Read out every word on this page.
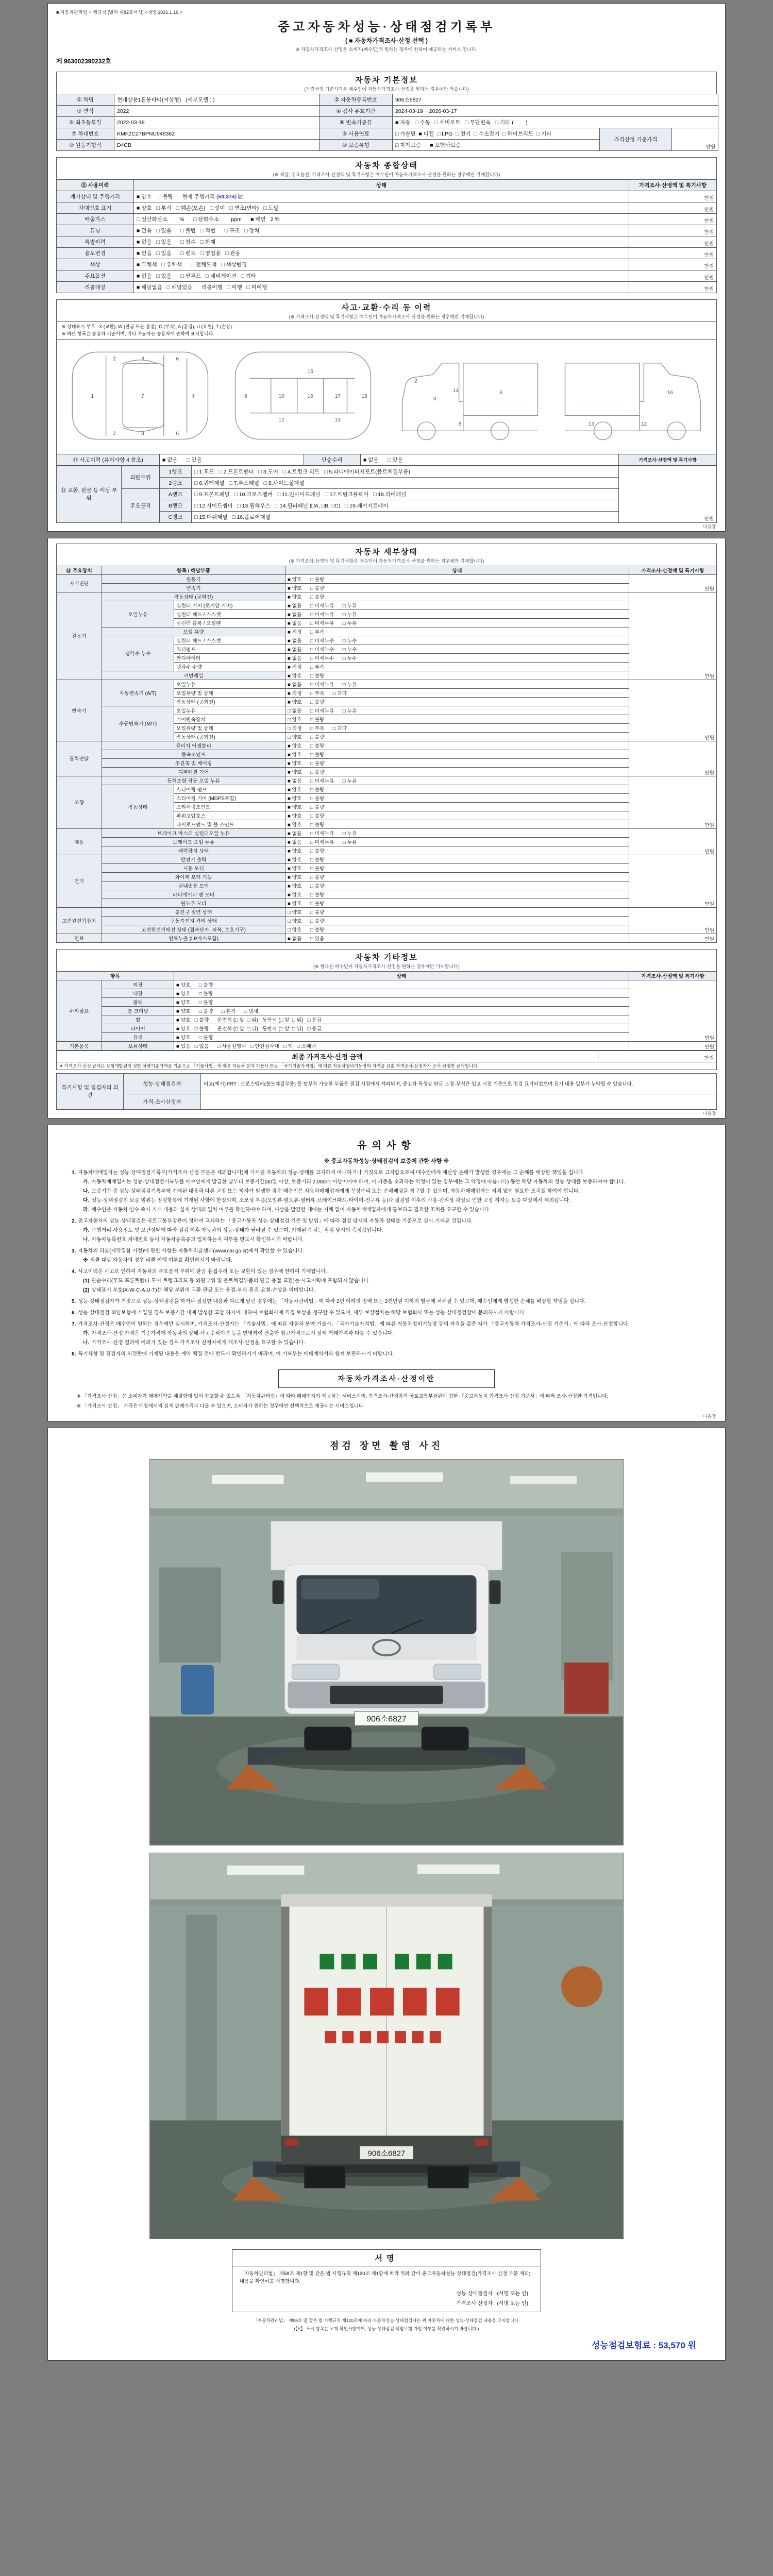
■ 자동차관리법 시행규칙 [별지 제82호서식] <개정 2021.1.19.>
중고자동차성능·상태점검기록부
( ■ 자동차가격조사·산정 선택 )
※ 자동차가격조사·산정은 소비자(매수인)가 원하는 경우에 한하여 제공하는 서비스 입니다.
제 963002390232호
자동차 기본정보
(가격산정 기준가격은 매수인이 자동차가격조사·산정을 원하는 경우에만 적습니다)
① 차명	현대상용1톤봉바디(저상형)   (세부모델 : )	② 자동차등록번호	906소6827		
③ 연식	2022	④ 검사 유효기간	2024-03-19 ~ 2026-03-17		
⑤ 최초등록일	2022-03-18	⑥ 변속기종류	■ 자동   □ 수동   □ 세미오토   □ 무단변속   □ 기타 (        )		
⑦ 차대번호	KMFZC27BPNU948362	⑧ 사용연료	□ 가솔린  ■ 디젤  □ LPG  □ 전기  □ 수소전기  □ 하이브리드  □ 기타	가격산정 기준가격	만원
⑨ 원동기형식	D4CB	⑩ 보증유형	□ 자가보증      ■ 보험사보증		
자동차 종합상태
(※ 색상, 주요옵션, 가격조사·산정액 및 특기사항은 매수인이 자동차가격조사·산정을 원하는 경우에만 기재합니다)
⑪ 사용이력	상태	가격조사·산정액 및 특기사항
계기상태 및 주행거리	■ 양호    □ 불량 현재 주행거리 (50,374) ㎞	만원
차대번호 표기	■ 양호   □ 부식   □ 훼손(오손)   □ 상이   □ 변조(변타)   □ 도말	만원
배출가스	□ 일산화탄소        %      □ 탄화수소        ppm      ■ 매연   2 %	만원
튜닝	■ 없음   □ 있음      □ 불법   □ 적법      □ 구조   □ 장치	만원
특별이력	■ 없음   □ 있음      □ 침수   □ 화재	만원
용도변경	■ 없음   □ 있음      □ 렌트   □ 영업용   □ 관용	만원
색상	■ 무채색   □ 유채색      □ 전체도색   □ 색상변경	만원
주요옵션	■ 없음   □ 있음      □ 썬루프   □ 네비게이션   □ 기타	만원
리콜대상	■ 해당없음   □ 해당있음      리콜이행   □ 이행   □ 미이행	만원
사고·교환·수리 등 이력
(※ 가격조사·산정액 및 특기사항은 매수인이 자동차가격조사·산정을 원하는 경우에만 기재합니다)
※ 상태표시 부호 : X (교환), W (판금 또는 용접), C (부식), A (흠집), U (요철), T (손상)
※ 하단 항목은 승용차 기준이며, 기타 자동차는 승용차에 준하여 표시합니다.
1	7	4
2	3	6
2	6
8
9	10
15
16	17	18
12	13
2
3
8
6
14
13	12
16
⑫ 사고이력 (유의사항 4 참조)	■ 없음      □ 있음	단순수리	■ 없음      □ 있음	가격조사·산정액 및 특기사항
⑬ 교환, 판금 등 이상 부위	외판부위	1랭크	□ 1.후드   □ 2.프론트펜더   □ 3.도어   □ 4.트렁크 리드   □ 5.라디에이터서포트(볼트체결부품)	만원
		2랭크	□ 6.쿼터패널   □ 7.루프패널   □ 8.사이드실패널	
	주요골격	A랭크	□ 9.프론트패널   □ 10.크로스멤버   □ 11.인사이드패널   □ 17.트렁크플로어   □ 18.리어패널	
		B랭크	□ 12.사이드멤버   □ 13.휠하우스   □ 14.필러패널 (□A, □B, □C)   □ 19.패키지트레이	
		C랭크	□ 15.대쉬패널   □ 16.플로어패널	
다음장
자동차 세부상태
(※ 가격조사·산정액 및 특기사항은 매수인이 자동차가격조사·산정을 원하는 경우에만 기재합니다)
⑭ 주요장치	항목 / 해당부품		상태	가격조사·산정액 및 특기사항
자기진단	원동기		■ 양호      □ 불량	만원
	변속기		■ 양호      □ 불량	
원동기	작동상태 (공회전)		■ 양호      □ 불량	만원
	오일누유	실린더 커버 (로커암 커버)	■ 없음      □ 미세누유      □ 누유	
		실린더 헤드 / 가스켓	■ 없음      □ 미세누유      □ 누유	
		실린더 블록 / 오일팬	■ 없음      □ 미세누유      □ 누유	
	오일 유량		■ 적정      □ 부족	
	냉각수 누수	실린더 헤드 / 가스켓	■ 없음      □ 미세누수      □ 누수	
		워터펌프	■ 없음      □ 미세누수      □ 누수	
		라디에이터	■ 없음      □ 미세누수      □ 누수	
		냉각수 수량	■ 적정      □ 부족	
	커먼레일		■ 양호      □ 불량	
변속기	자동변속기 (A/T)	오일누유	■ 없음      □ 미세누유      □ 누유	만원
		오일유량 및 상태	■ 적정      □ 부족      □ 과다	
		작동상태 (공회전)	■ 양호      □ 불량	
	수동변속기 (M/T)	오일누유	□ 없음      □ 미세누유      □ 누유	
		기어변속장치	□ 양호      □ 불량	
		오일유량 및 상태	□ 적정      □ 부족      □ 과다	
		작동상태 (공회전)	□ 양호      □ 불량	
동력전달	클러치 어셈블리		■ 양호      □ 불량	만원
	등속조인트		■ 양호      □ 불량	
	추진축 및 베어링		■ 양호      □ 불량	
	디퍼렌셜 기어		■ 양호      □ 불량	
조향	동력조향 작동 오일 누유		■ 없음      □ 미세누유      □ 누유	만원
	작동상태	스티어링 펌프	■ 양호      □ 불량	
		스티어링 기어 (MDPS포함)	■ 양호      □ 불량	
		스티어링조인트	■ 양호      □ 불량	
		파워고압호스	■ 양호      □ 불량	
		타이로드엔드 및 볼 조인트	■ 양호      □ 불량	
제동	브레이크 마스터 실린더오일 누유		■ 없음      □ 미세누유      □ 누유	만원
	브레이크 오일 누유		■ 없음      □ 미세누유      □ 누유	
	배력장치 상태		■ 양호      □ 불량	
전기	발전기 출력		■ 양호      □ 불량	만원
	시동 모터		■ 양호      □ 불량	
	와이퍼 모터 기능		■ 양호      □ 불량	
	실내송풍 모터		■ 양호      □ 불량	
	라디에이터 팬 모터		■ 양호      □ 불량	
	윈도우 모터		■ 양호      □ 불량	
고전원전기장치	충전구 절연 상태		□ 양호      □ 불량	만원
	구동축전지 격리 상태		□ 양호      □ 불량	
	고전원전기배선 상태 (접속단자, 피복, 보호기구)		□ 양호      □ 불량	
연료	연료누출 (LP가스포함)		■ 없음      □ 있음	만원
자동차 기타정보
(※ 항목은 매수인이 자동차가격조사·산정을 원하는 경우에만 기재합니다)
항목		상태	가격조사·산정액 및 특기사항
수리필요	외장	■ 양호      □ 불량	만원
	내장	■ 양호      □ 불량	
	광택	■ 양호      □ 불량	
	룸 크리닝	■ 양호      □ 불량      □ 흔적      □ 냄새	
	휠	■ 양호   □ 불량      운전석 (□ 앞  □ 뒤)   동반석 (□ 앞  □ 뒤)   □ 응급	
	타이어	■ 양호   □ 불량      운전석 (□ 앞  □ 뒤)   동반석 (□ 앞  □ 뒤)   □ 응급	
	유리	■ 양호      □ 불량	
기본품목	보유상태	■ 있음   □ 없음      □ 사용설명서   □ 안전삼각대   □ 잭   □ 스패너	만원
최종 가격조사·산정 금액	만원
※ 가격조사·산정 금액은 보험개발원이 정한 차량기준가액을 기준으로 「기술사법」에 따른 자동차 분야 기술사 또는 「국가기술자격법」에 따른 자동차정비기능장의 자격을 갖춘 가격조사·산정자가 조사·산정한 금액입니다.
특기사항 및 점검자의 의견	성능·상태점검자	비고(예시) FRT : 크로스멤버(볼트체결부품) 등 탈부착 가능한 부품은 점검 시점에서 제외되며, 중고차 특성상 판금·도장·부식은 입고 시점 기준으로 점검 표기되었으며 표기 내용 일부가 누락될 수 있습니다.
	가격·조사산정자	
다음장
유의사항
※ 중고자동차성능·상태점검의 보증에 관한 사항 ※

1. 자동차매매업자는 성능·상태점검기록부(가격조사·산정 부분은 제외합니다)에 기재된 자동차의 성능·상태를 고지하지 아니하거나 거짓으로 고지함으로써 매수인에게 재산상 손해가 발생한 경우에는 그 손해를 배상할 책임을 집니다.

가. 자동차매매업자는 성능·상태점검기록부를 매수인에게 발급한 날부터 보증기간(30일 이상, 보증거리 2,000㎞ 이상이어야 하며, 이 기준을 초과하는 약정이 있는 경우에는 그 약정에 따릅니다) 동안 해당 자동차의 성능·상태를 보증하여야 합니다.

나. 보증기간 중 성능·상태점검기록부에 기재된 내용과 다른 고장 또는 하자가 발생한 경우 매수인은 자동차매매업자에게 무상수리 또는 손해배상을 청구할 수 있으며, 자동차매매업자는 지체 없이 필요한 조치를 하여야 합니다.

다. 성능·상태점검의 보증 범위는 점검항목에 기재된 사항에 한정되며, 소모성 부품(오일류·벨트류·필터류·브레이크패드·타이어·전구류 등)과 점검일 이후의 사용·관리상 과실로 인한 고장·하자는 보증 대상에서 제외됩니다.

라. 매수인은 자동차 인수 즉시 기재 내용과 실제 상태의 일치 여부를 확인하여야 하며, 이상을 발견한 때에는 지체 없이 자동차매매업자에게 통보하고 필요한 조치를 요구할 수 있습니다.

2. 중고자동차의 성능·상태점검은 국토교통부장관이 정하여 고시하는 「중고자동차 성능·상태점검 기준 및 방법」에 따라 점검 당시의 자동차 상태를 기준으로 실시·기재된 것입니다.

가. 주행거리·사용정도 및 보관상태에 따라 점검 이후 자동차의 성능·상태가 달라질 수 있으며, 기재된 수치는 점검 당시의 측정값입니다.

나. 자동차등록번호·차대번호 등이 자동차등록증과 일치하는지 여부를 반드시 확인하시기 바랍니다.

3. 자동차의 리콜(제작결함 시정)에 관한 사항은 자동차리콜센터(www.car.go.kr)에서 확인할 수 있습니다.

※ 리콜 대상 자동차의 경우 리콜 이행 여부를 확인하시기 바랍니다.

4. 사고이력은 사고로 인하여 자동차의 주요골격 부위에 판금·용접수리 또는 교환이 있는 경우에 한하여 기재합니다.

(1) 단순수리(후드·프론트펜더·도어·트렁크리드 등 외판부위 및 볼트체결부품의 판금·용접·교환)는 사고이력에 포함되지 않습니다.

(2) 상태표시 부호(X·W·C·A·U·T)는 해당 부위의 교환·판금 또는 용접·부식·흠집·요철·손상을 의미합니다.

5. 성능·상태점검자가 거짓으로 성능·상태점검을 하거나 점검한 내용과 다르게 알린 경우에는 「자동차관리법」에 따라 2년 이하의 징역 또는 2천만원 이하의 벌금에 처해질 수 있으며, 매수인에게 발생한 손해를 배상할 책임을 집니다.

6. 성능·상태점검 책임보험에 가입된 경우 보증기간 내에 발생한 고장·하자에 대하여 보험회사에 직접 보상을 청구할 수 있으며, 세부 보상절차는 해당 보험회사 또는 성능·상태점검장에 문의하시기 바랍니다.

7. 가격조사·산정은 매수인이 원하는 경우에만 실시하며, 가격조사·산정자는 「기술사법」에 따른 자동차 분야 기술사, 「국가기술자격법」에 따른 자동차정비기능장 등의 자격을 갖춘 자가 「중고자동차 가격조사·산정 기준서」에 따라 조사·산정합니다.

가. 가격조사·산정 가격은 기준가격에 자동차의 상태·사고수리이력 등을 반영하여 산출한 참고가격으로서 실제 거래가격과 다를 수 있습니다.

나. 가격조사·산정 결과에 이의가 있는 경우 가격조사·산정자에게 재조사·산정을 요구할 수 있습니다.

8. 특기사항 및 점검자의 의견란에 기재된 내용은 계약 체결 전에 반드시 확인하시기 바라며, 이 기록부는 매매계약서와 함께 보관하시기 바랍니다.

자동차가격조사·산정이란

※ 「가격조사·산정」은 소비자가 매매계약을 체결함에 있어 참고할 수 있도록 「자동차관리법」에 따라 매매업자가 제공하는 서비스이며, 가격조사·산정자가 국토교통부장관이 정한 「중고자동차 가격조사·산정 기준서」에 따라 조사·산정한 가격입니다.

※ 「가격조사·산정」 가격은 매장에서의 실제 판매가격과 다를 수 있으며, 소비자가 원하는 경우에만 선택적으로 제공되는 서비스입니다.

다음장
점검 장면 촬영 사진
906소6827
906소6827
서명
「자동차관리법」 제58조 제1항 및 같은 법 시행규칙 제120조 제1항에 따라 위와 같이 중고자동차성능·상태점검(가격조사·산정 부분 제외) 내용을 확인하고 서명합니다.
성능·상태점검자 : (서명 또는 인)
가격조사·산정자 : (서명 또는 인)
「자동차관리법」 제58조 및 같은 법 시행규칙 제120조에 따라 자동차성능·상태점검자는 위 자동차에 대한 성능·상태점검 내용을 고지합니다.
(【Y】 표시 항목은 고객 확인사항이며, 성능·상태점검 책임보험 가입 여부를 확인하시기 바랍니다.)
성능점검보험료 : 53,570 원
